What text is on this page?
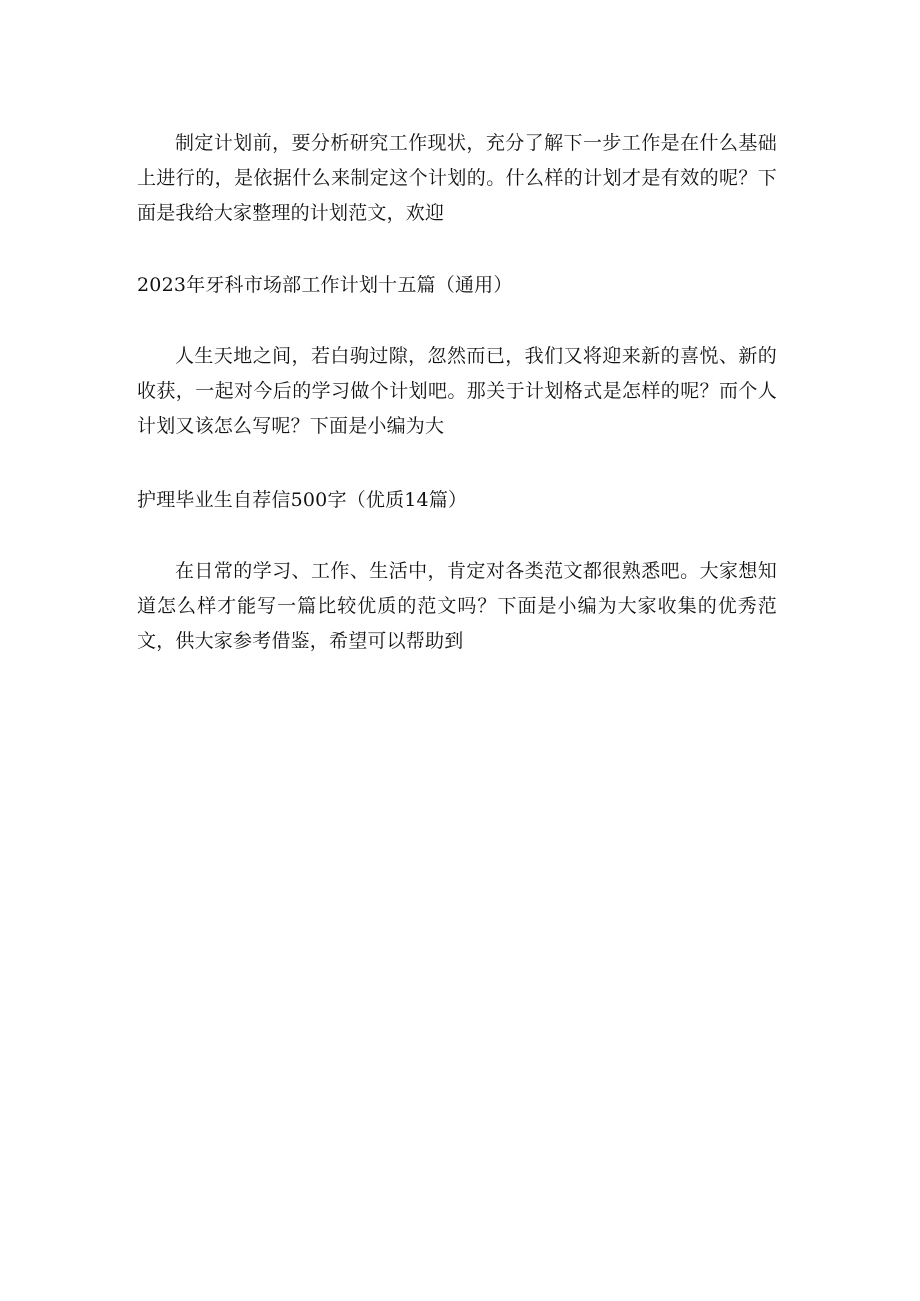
制定计划前，要分析研究工作现状，充分了解下一步工作是在什么基础上进行的，是依据什么来制定这个计划的。什么样的计划才是有效的呢？下面是我给大家整理的计划范文，欢迎

2023年牙科市场部工作计划十五篇（通用）

人生天地之间，若白驹过隙，忽然而已，我们又将迎来新的喜悦、新的收获，一起对今后的学习做个计划吧。那关于计划格式是怎样的呢？而个人计划又该怎么写呢？下面是小编为大

护理毕业生自荐信500字（优质14篇）

在日常的学习、工作、生活中，肯定对各类范文都很熟悉吧。大家想知道怎么样才能写一篇比较优质的范文吗？下面是小编为大家收集的优秀范文，供大家参考借鉴，希望可以帮助到
